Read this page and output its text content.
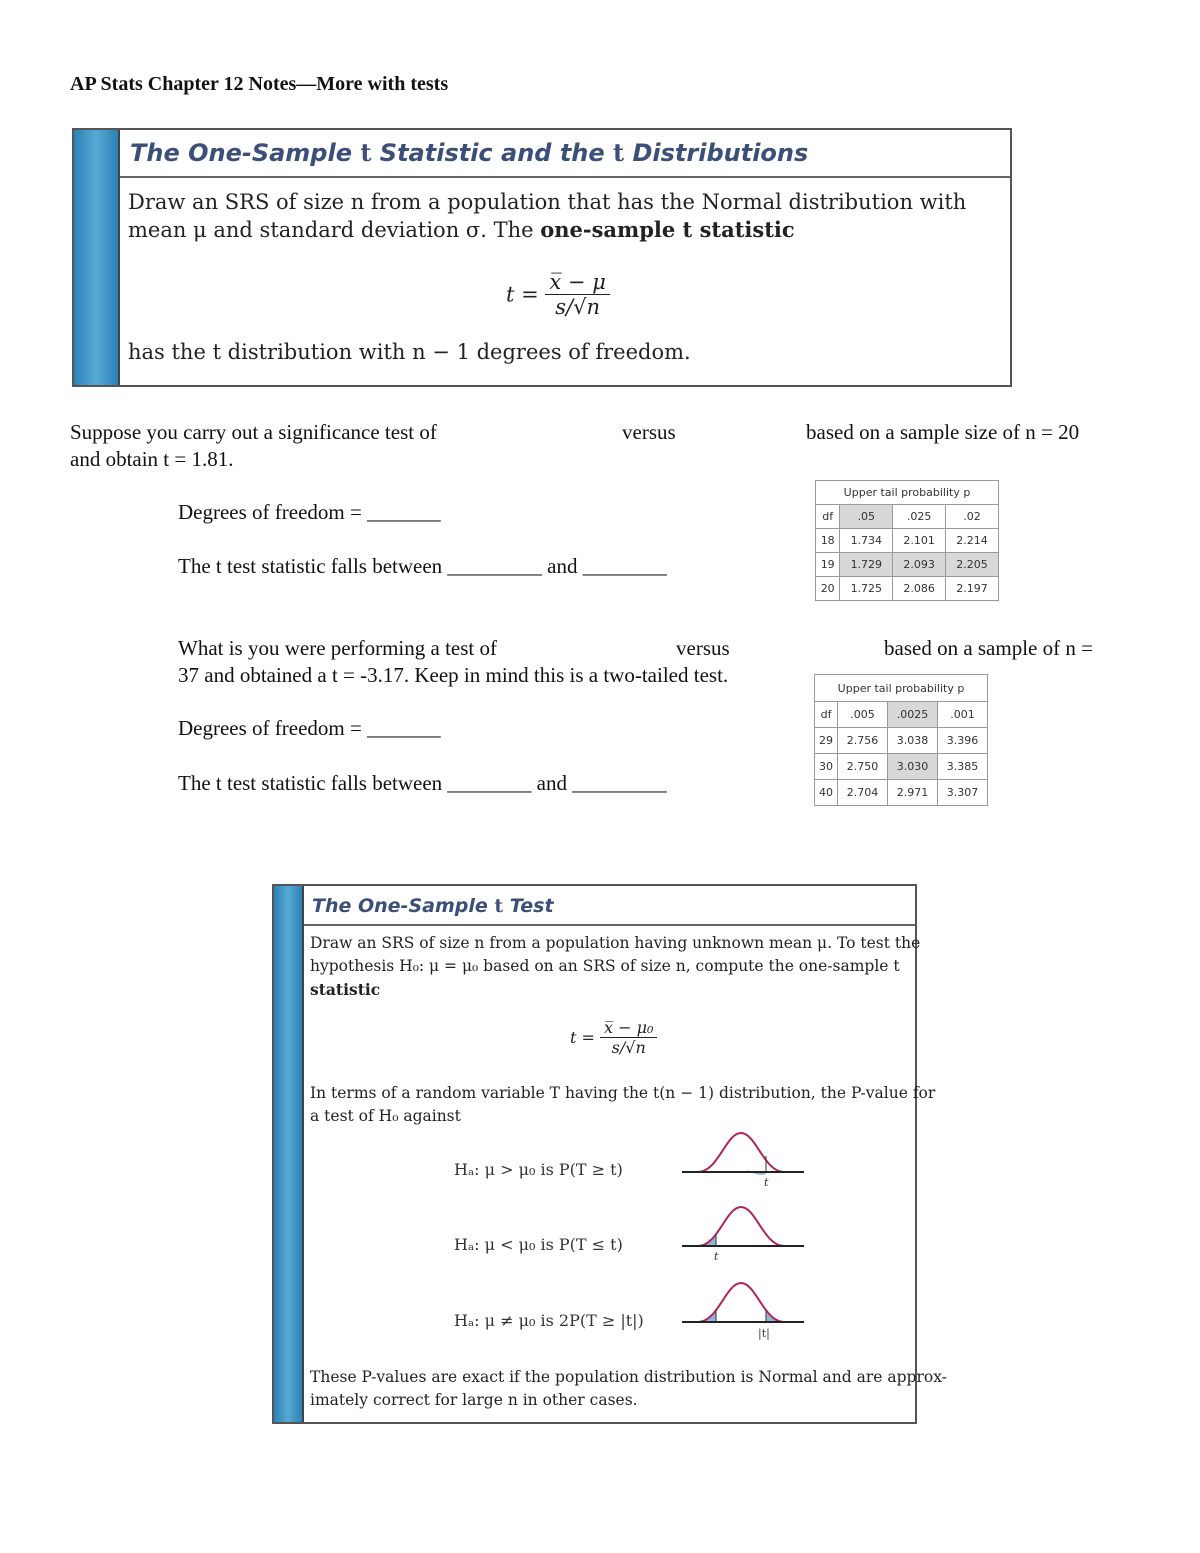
AP Stats Chapter 12 Notes—More with tests
The One-Sample t Statistic and the t Distributions
Draw an SRS of size n from a population that has the Normal distribution with
mean μ and standard deviation σ. The one-sample t statistic
$t = \frac{x̅ - \mu}{s/√n}$
has the t distribution with n − 1 degrees of freedom.
Suppose you carry out a significance test of	versus	based on a sample size of n = 20
and obtain t = 1.81.
Degrees of freedom = _______
The t test statistic falls between _________ and ________
Upper tail probability p			
df	.05	.025	.02
18	1.734	2.101	2.214
19	1.729	2.093	2.205
20	1.725	2.086	2.197
What is you were performing a test of	versus	based on a sample of n =
37 and obtained a t = -3.17. Keep in mind this is a two-tailed test.
Degrees of freedom = _______
The t test statistic falls between ________ and _________
Upper tail probability p			
df	.005	.0025	.001
29	2.756	3.038	3.396
30	2.750	3.030	3.385
40	2.704	2.971	3.307
The One-Sample t Test
Draw an SRS of size n from a population having unknown mean μ. To test the
hypothesis H₀: μ = μ₀ based on an SRS of size n, compute the one-sample t
statistic
$t = \frac{\text{x̅ − μ₀}}{s/√n}$
In terms of a random variable T having the t(n − 1) distribution, the P-value for
a test of H₀ against
Hₐ: μ > μ₀ is P(T ≥ t)
Hₐ: μ < μ₀ is P(T ≤ t)
Hₐ: μ ≠ μ₀ is 2P(T ≥ |t|)
t
t
|t|
These P-values are exact if the population distribution is Normal and are approx-
imately correct for large n in other cases.
